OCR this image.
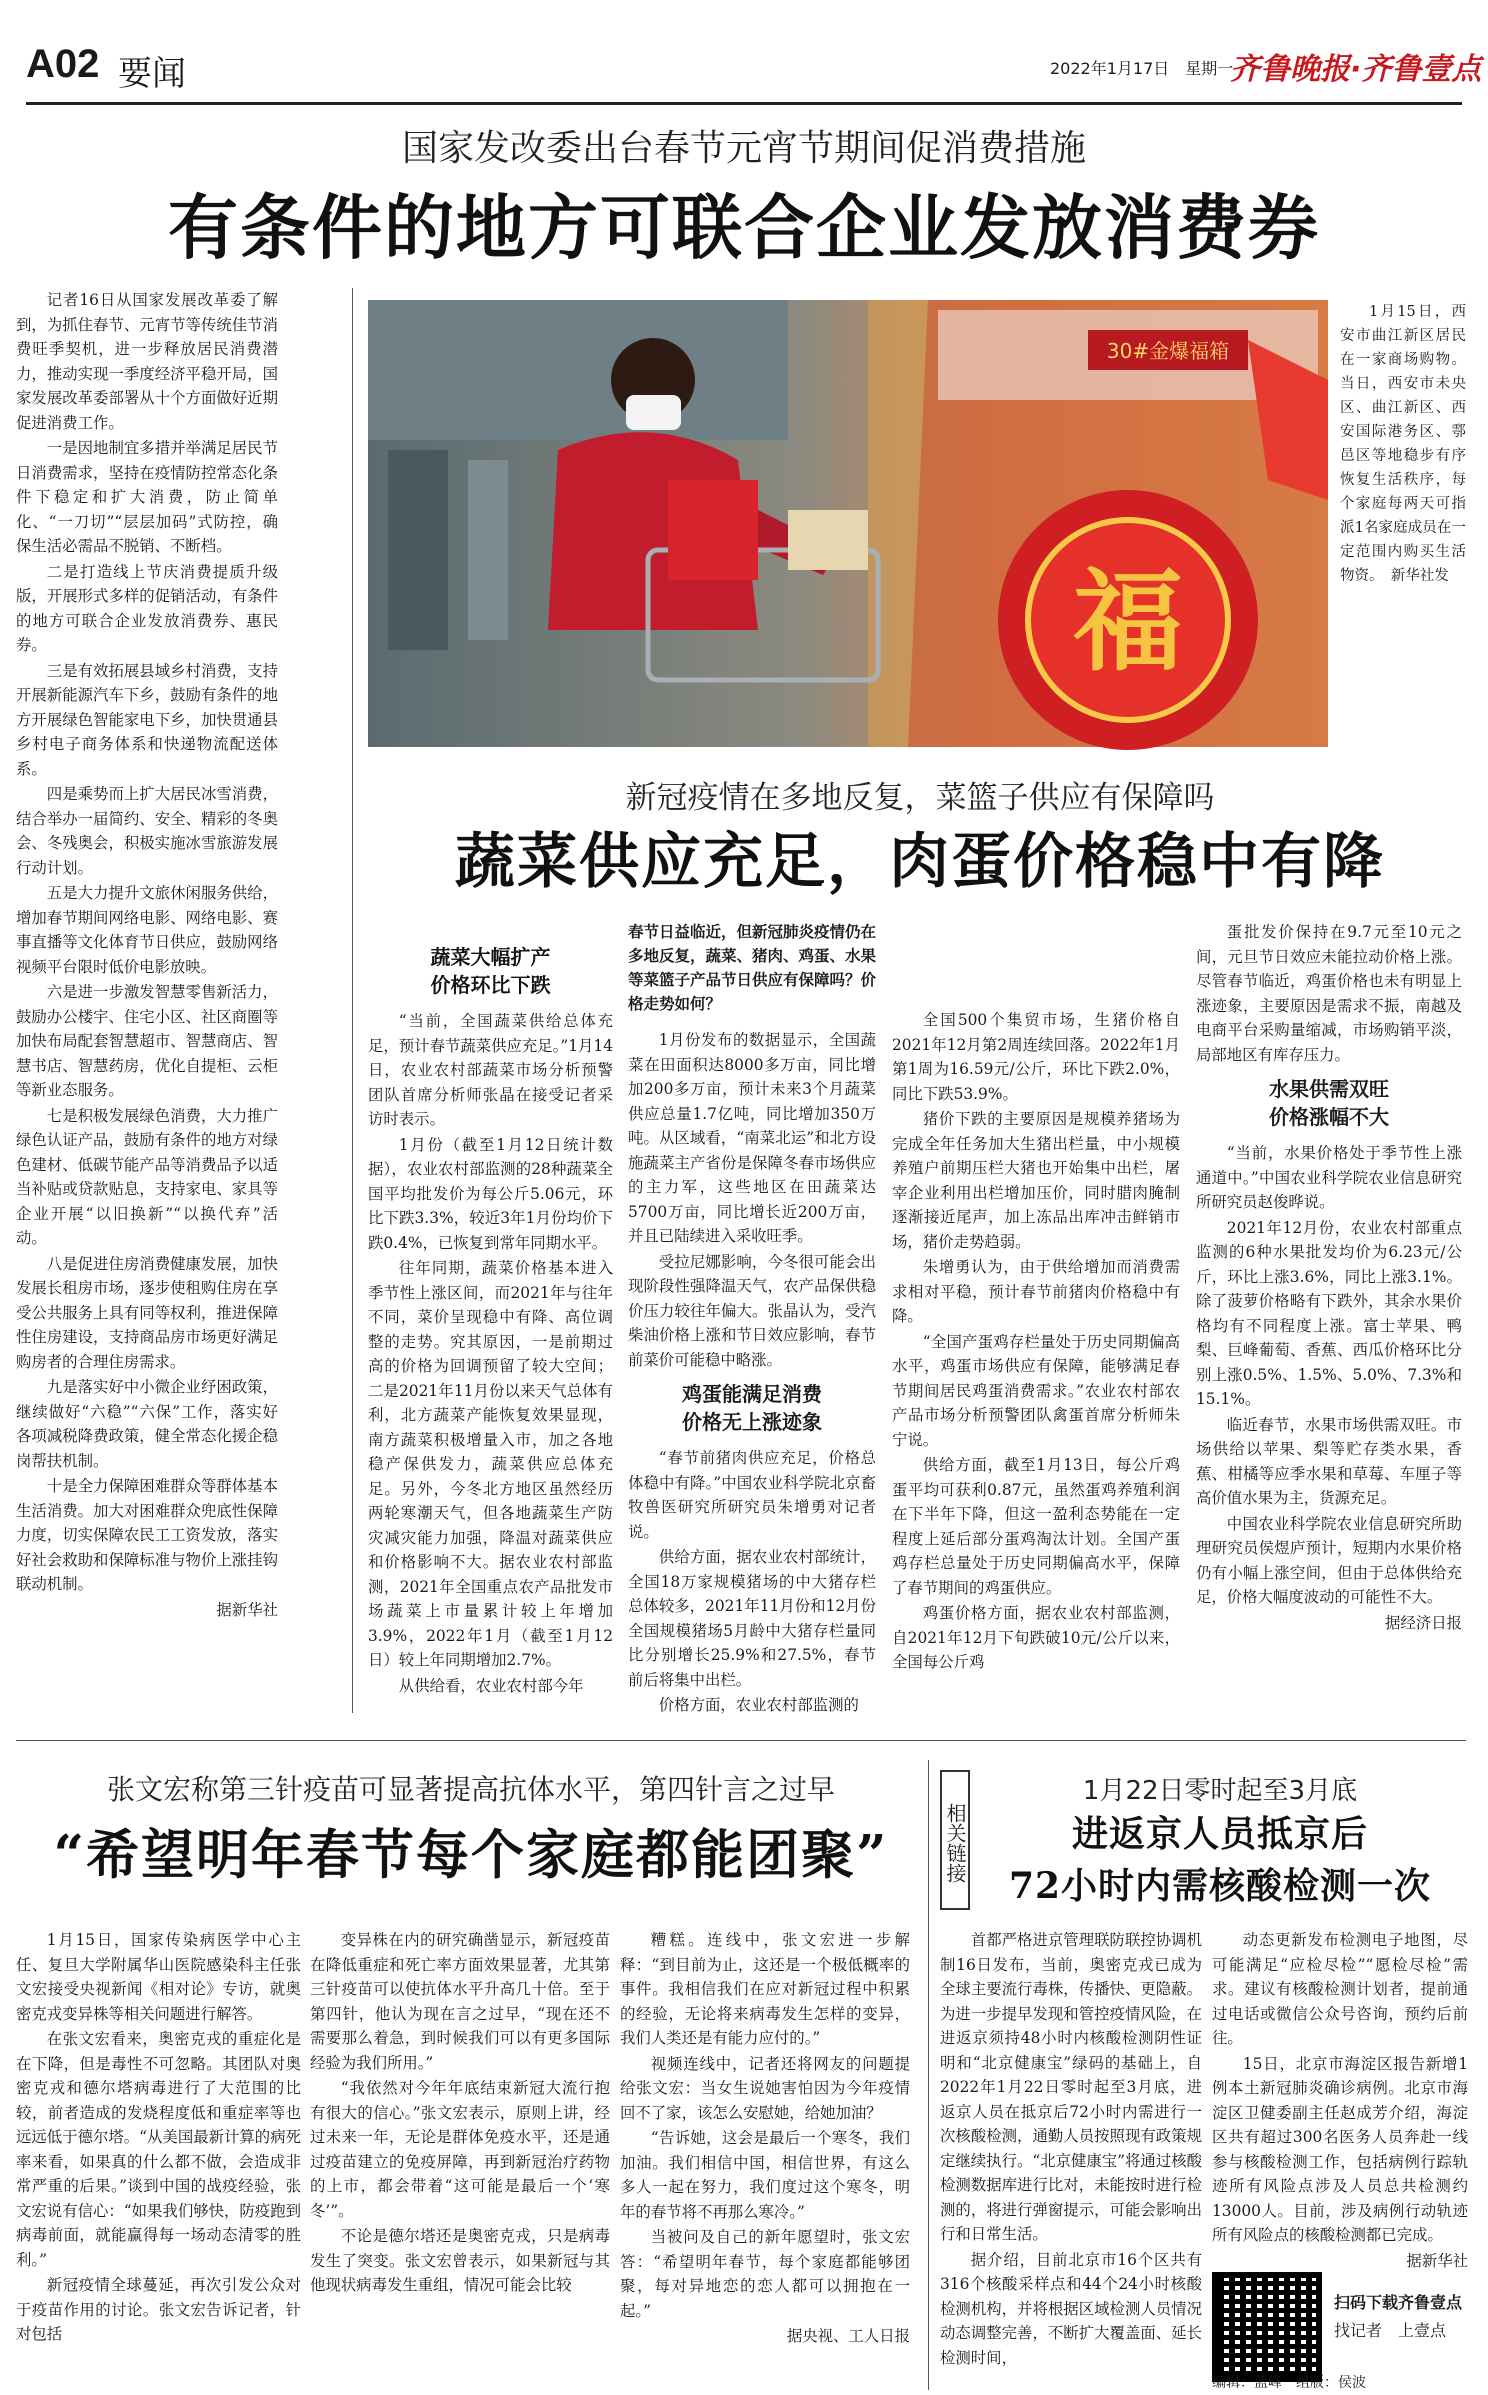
A02 要闻	2022年1月17日　星期一
齐鲁晚报·齐鲁壹点
国家发改委出台春节元宵节期间促消费措施
有条件的地方可联合企业发放消费券

记者16日从国家发展改革委了解到，为抓住春节、元宵节等传统佳节消费旺季契机，进一步释放居民消费潜力，推动实现一季度经济平稳开局，国家发展改革委部署从十个方面做好近期促进消费工作。

一是因地制宜多措并举满足居民节日消费需求，坚持在疫情防控常态化条件下稳定和扩大消费，防止简单化、“一刀切”“层层加码”式防控，确保生活必需品不脱销、不断档。

二是打造线上节庆消费提质升级版，开展形式多样的促销活动，有条件的地方可联合企业发放消费券、惠民券。

三是有效拓展县域乡村消费，支持开展新能源汽车下乡，鼓励有条件的地方开展绿色智能家电下乡，加快贯通县乡村电子商务体系和快递物流配送体系。

四是乘势而上扩大居民冰雪消费，结合举办一届简约、安全、精彩的冬奥会、冬残奥会，积极实施冰雪旅游发展行动计划。

五是大力提升文旅休闲服务供给，增加春节期间网络电影、网络电影、赛事直播等文化体育节日供应，鼓励网络视频平台限时低价电影放映。

六是进一步激发智慧零售新活力，鼓励办公楼宇、住宅小区、社区商圈等加快布局配套智慧超市、智慧商店、智慧书店、智慧药房，优化自提柜、云柜等新业态服务。

七是积极发展绿色消费，大力推广绿色认证产品，鼓励有条件的地方对绿色建材、低碳节能产品等消费品予以适当补贴或贷款贴息，支持家电、家具等企业开展“以旧换新”“以换代弃”活动。

八是促进住房消费健康发展，加快发展长租房市场，逐步使租购住房在享受公共服务上具有同等权利，推进保障性住房建设，支持商品房市场更好满足购房者的合理住房需求。

九是落实好中小微企业纾困政策，继续做好“六稳”“六保”工作，落实好各项减税降费政策，健全常态化援企稳岗帮扶机制。

十是全力保障困难群众等群体基本生活消费。加大对困难群众兜底性保障力度，切实保障农民工工资发放，落实好社会救助和保障标准与物价上涨挂钩联动机制。

据新华社
30#金爆福箱
福
1月15日，西安市曲江新区居民在一家商场购物。当日，西安市未央区、曲江新区、西安国际港务区、鄠邑区等地稳步有序恢复生活秩序，每个家庭每两天可指派1名家庭成员在一定范围内购买生活物资。　新华社发
新冠疫情在多地反复，菜篮子供应有保障吗
蔬菜供应充足，肉蛋价格稳中有降
蔬菜大幅扩产
价格环比下跌

“当前，全国蔬菜供给总体充足，预计春节蔬菜供应充足。”1月14日，农业农村部蔬菜市场分析预警团队首席分析师张晶在接受记者采访时表示。

1月份（截至1月12日统计数据），农业农村部监测的28种蔬菜全国平均批发价为每公斤5.06元，环比下跌3.3%，较近3年1月份均价下跌0.4%，已恢复到常年同期水平。

往年同期，蔬菜价格基本进入季节性上涨区间，而2021年与往年不同，菜价呈现稳中有降、高位调整的走势。究其原因，一是前期过高的价格为回调预留了较大空间；二是2021年11月份以来天气总体有利，北方蔬菜产能恢复效果显现，南方蔬菜积极增量入市，加之各地稳产保供发力，蔬菜供应总体充足。另外，今冬北方地区虽然经历两轮寒潮天气，但各地蔬菜生产防灾减灾能力加强，降温对蔬菜供应和价格影响不大。据农业农村部监测，2021年全国重点农产品批发市场蔬菜上市量累计较上年增加3.9%，2022年1月（截至1月12日）较上年同期增加2.7%。

从供给看，农业农村部今年

春节日益临近，但新冠肺炎疫情仍在多地反复，蔬菜、猪肉、鸡蛋、水果等菜篮子产品节日供应有保障吗？价格走势如何？

1月份发布的数据显示，全国蔬菜在田面积达8000多万亩，同比增加200多万亩，预计未来3个月蔬菜供应总量1.7亿吨，同比增加350万吨。从区域看，“南菜北运”和北方设施蔬菜主产省份是保障冬春市场供应的主力军，这些地区在田蔬菜达5700万亩，同比增长近200万亩，并且已陆续进入采收旺季。

受拉尼娜影响，今冬很可能会出现阶段性强降温天气，农产品保供稳价压力较往年偏大。张晶认为，受汽柴油价格上涨和节日效应影响，春节前菜价可能稳中略涨。

鸡蛋能满足消费
价格无上涨迹象

“春节前猪肉供应充足，价格总体稳中有降。”中国农业科学院北京畜牧兽医研究所研究员朱增勇对记者说。

供给方面，据农业农村部统计，全国18万家规模猪场的中大猪存栏总体较多，2021年11月份和12月份全国规模猪场5月龄中大猪存栏量同比分别增长25.9%和27.5%，春节前后将集中出栏。

价格方面，农业农村部监测的

全国500个集贸市场，生猪价格自2021年12月第2周连续回落。2022年1月第1周为16.59元/公斤，环比下跌2.0%，同比下跌53.9%。

猪价下跌的主要原因是规模养猪场为完成全年任务加大生猪出栏量，中小规模养殖户前期压栏大猪也开始集中出栏，屠宰企业利用出栏增加压价，同时腊肉腌制逐渐接近尾声，加上冻品出库冲击鲜销市场，猪价走势趋弱。

朱增勇认为，由于供给增加而消费需求相对平稳，预计春节前猪肉价格稳中有降。

“全国产蛋鸡存栏量处于历史同期偏高水平，鸡蛋市场供应有保障，能够满足春节期间居民鸡蛋消费需求。”农业农村部农产品市场分析预警团队禽蛋首席分析师朱宁说。

供给方面，截至1月13日，每公斤鸡蛋平均可获利0.87元，虽然蛋鸡养殖利润在下半年下降，但这一盈利态势能在一定程度上延后部分蛋鸡淘汰计划。全国产蛋鸡存栏总量处于历史同期偏高水平，保障了春节期间的鸡蛋供应。

鸡蛋价格方面，据农业农村部监测，自2021年12月下旬跌破10元/公斤以来，全国每公斤鸡

蛋批发价保持在9.7元至10元之间，元旦节日效应未能拉动价格上涨。尽管春节临近，鸡蛋价格也未有明显上涨迹象，主要原因是需求不振，南越及电商平台采购量缩减，市场购销平淡，局部地区有库存压力。

水果供需双旺
价格涨幅不大

“当前，水果价格处于季节性上涨通道中。”中国农业科学院农业信息研究所研究员赵俊晔说。

2021年12月份，农业农村部重点监测的6种水果批发均价为6.23元/公斤，环比上涨3.6%，同比上涨3.1%。除了菠萝价格略有下跌外，其余水果价格均有不同程度上涨。富士苹果、鸭梨、巨峰葡萄、香蕉、西瓜价格环比分别上涨0.5%、1.5%、5.0%、7.3%和15.1%。

临近春节，水果市场供需双旺。市场供给以苹果、梨等贮存类水果，香蕉、柑橘等应季水果和草莓、车厘子等高价值水果为主，货源充足。

中国农业科学院农业信息研究所助理研究员侯煜庐预计，短期内水果价格仍有小幅上涨空间，但由于总体供给充足，价格大幅度波动的可能性不大。

据经济日报
张文宏称第三针疫苗可显著提高抗体水平，第四针言之过早
“希望明年春节每个家庭都能团聚”

1月15日，国家传染病医学中心主任、复旦大学附属华山医院感染科主任张文宏接受央视新闻《相对论》专访，就奥密克戎变异株等相关问题进行解答。

在张文宏看来，奥密克戎的重症化是在下降，但是毒性不可忽略。其团队对奥密克戎和德尔塔病毒进行了大范围的比较，前者造成的发烧程度低和重症率等也远远低于德尔塔。“从美国最新计算的病死率来看，如果真的什么都不做，会造成非常严重的后果。”谈到中国的战疫经验，张文宏说有信心：“如果我们够快，防疫跑到病毒前面，就能赢得每一场动态清零的胜利。”

新冠疫情全球蔓延，再次引发公众对于疫苗作用的讨论。张文宏告诉记者，针对包括

变异株在内的研究确凿显示，新冠疫苗在降低重症和死亡率方面效果显著，尤其第三针疫苗可以使抗体水平升高几十倍。至于第四针，他认为现在言之过早，“现在还不需要那么着急，到时候我们可以有更多国际经验为我们所用。”

“我依然对今年年底结束新冠大流行抱有很大的信心。”张文宏表示，原则上讲，经过未来一年，无论是群体免疫水平，还是通过疫苗建立的免疫屏障，再到新冠治疗药物的上市，都会带着“这可能是最后一个‘寒冬’”。

不论是德尔塔还是奥密克戎，只是病毒发生了突变。张文宏曾表示，如果新冠与其他现状病毒发生重组，情况可能会比较

糟糕。连线中，张文宏进一步解释：“到目前为止，这还是一个极低概率的事件。我相信我们在应对新冠过程中积累的经验，无论将来病毒发生怎样的变异，我们人类还是有能力应付的。”

视频连线中，记者还将网友的问题提给张文宏：当女生说她害怕因为今年疫情回不了家，该怎么安慰她，给她加油？

“告诉她，这会是最后一个寒冬，我们加油。我们相信中国，相信世界，有这么多人一起在努力，我们度过这个寒冬，明年的春节将不再那么寒冷。”

当被问及自己的新年愿望时，张文宏答：“希望明年春节，每个家庭都能够团聚，每对异地恋的恋人都可以拥抱在一起。”

据央视、工人日报
相关链接
1月22日零时起至3月底
进返京人员抵京后
72小时内需核酸检测一次

首都严格进京管理联防联控协调机制16日发布，当前，奥密克戎已成为全球主要流行毒株，传播快、更隐蔽。为进一步提早发现和管控疫情风险，在进返京须持48小时内核酸检测阴性证明和“北京健康宝”绿码的基础上，自2022年1月22日零时起至3月底，进返京人员在抵京后72小时内需进行一次核酸检测，通勤人员按照现有政策规定继续执行。“北京健康宝”将通过核酸检测数据库进行比对，未能按时进行检测的，将进行弹窗提示，可能会影响出行和日常生活。

据介绍，目前北京市16个区共有316个核酸采样点和44个24小时核酸检测机构，并将根据区域检测人员情况动态调整完善，不断扩大覆盖面、延长检测时间，

动态更新发布检测电子地图，尽可能满足“应检尽检”“愿检尽检”需求。建议有核酸检测计划者，提前通过电话或微信公众号咨询，预约后前往。

15日，北京市海淀区报告新增1例本土新冠肺炎确诊病例。北京市海淀区卫健委副主任赵成芳介绍，海淀区共有超过300名医务人员奔赴一线参与核酸检测工作，包括病例行踪轨迹所有风险点涉及人员总共检测约13000人。目前，涉及病例行动轨迹所有风险点的核酸检测都已完成。

据新华社
扫码下载齐鲁壹点
找记者　上壹点
编辑：蓝峰　组版：侯波
